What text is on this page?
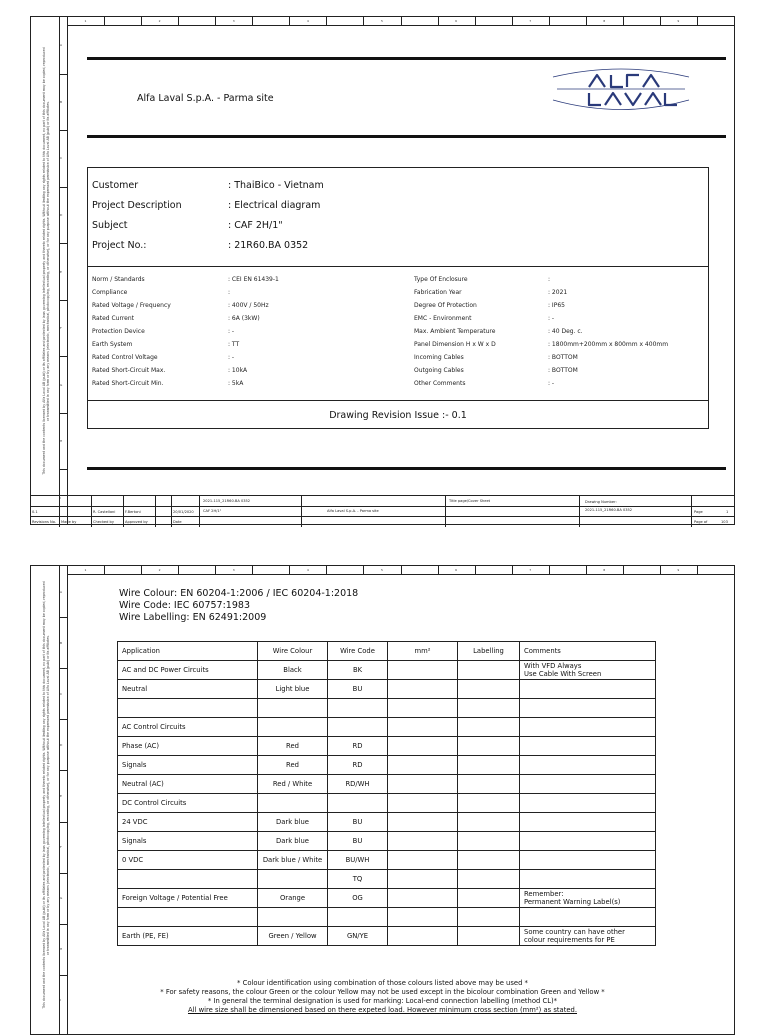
This document and the contents licensed by Alfa Laval AB (publ) or its affiliates and protected by laws governing intellectual property and thereto related rights. Without limiting any rights related to this document, no part of this document may be copied, reproduced or transmitted in any form or by any means (electronic, mechanical, photocopying, recording, or otherwise), or for any purpose without the expressed permission of Alfa Laval AB (publ) or its affiliates.
A
B
C
D
E
F
G
H
I
1	2	3	4	5	6	7	8	9
Alfa Laval S.p.A. - Parma site
Customer	: ThaiBico - Vietnam
Project Description	: Electrical diagram
Subject	: CAF 2H/1"
Project No.:	: 21R60.BA 0352
Norm / Standards	: CEI EN 61439-1
Compliance	:
Rated Voltage / Frequency	: 400V / 50Hz
Rated Current	: 6A (3kW)
Protection Device	: -
Earth System	: TT
Rated Control Voltage	: -
Rated Short-Circuit Max.	: 10kA
Rated Short-Circuit Min.	: 5kA
Type Of Enclosure	:
Fabrication Year	: 2021
Degree Of Protection	: IP65
EMC - Environment	: -
Max. Ambient Temperature	: 40 Deg. c.
Panel Dimension H x W x D	: 1800mm+200mm x 800mm x 400mm
Incoming Cables	: BOTTOM
Outgoing Cables	: BOTTOM
Other Comments	: -
Drawing Revision Issue :- 0.1
0.1	R. Castellani	F.Bertoni	20/01/2020
Revisions No. Made by	Checked by	Approved by	Date
2021-115_21R60.BA 0352
CAF 2H/1"	Alfa Laval S.p.A. - Parma site
Title page/Cover Sheet	Drawing Number:
2021-115_21R60.BA 0352	Page	1
Page of	103
This document and the contents licensed by Alfa Laval AB (publ) or its affiliates and protected by laws governing intellectual property and thereto related rights. Without limiting any rights related to this document, no part of this document may be copied, reproduced or transmitted in any form or by any means (electronic, mechanical, photocopying, recording, or otherwise), or for any purpose without the expressed permission of Alfa Laval AB (publ) or its affiliates.
A
B
C
D
E
F
G
H
I
1	2	3	4	5	6	7	8	9
Wire Colour: EN 60204-1:2006 / IEC 60204-1:2018
Wire Code: IEC 60757:1983
Wire Labelling: EN 62491:2009
Application	Wire Colour	Wire Code	mm²	Labelling	Comments
AC and DC Power Circuits	Black	BK			With VFD Always
Use Cable With Screen
Neutral	Light blue	BU			

AC Control Circuits					
Phase (AC)	Red	RD			
Signals	Red	RD			
Neutral (AC)	Red / White	RD/WH			
DC Control Circuits					
24 VDC	Dark blue	BU			
Signals	Dark blue	BU			
0 VDC	Dark blue / White	BU/WH			
		TQ			
Foreign Voltage / Potential Free	Orange	OG			Remember:
Permanent Warning Label(s)

Earth (PE, FE)	Green / Yellow	GN/YE			Some country can have other
colour requirements for PE
* Colour identification using combination of those colours listed above may be used *
* For safety reasons, the colour Green or the colour Yellow may not be used except in the bicolour combination Green and Yellow *
* In general the terminal designation is used for marking: Local-end connection labelling (method CL)*
All wire size shall be dimensioned based on there expeted load. However minimum cross section (mm²) as stated.
